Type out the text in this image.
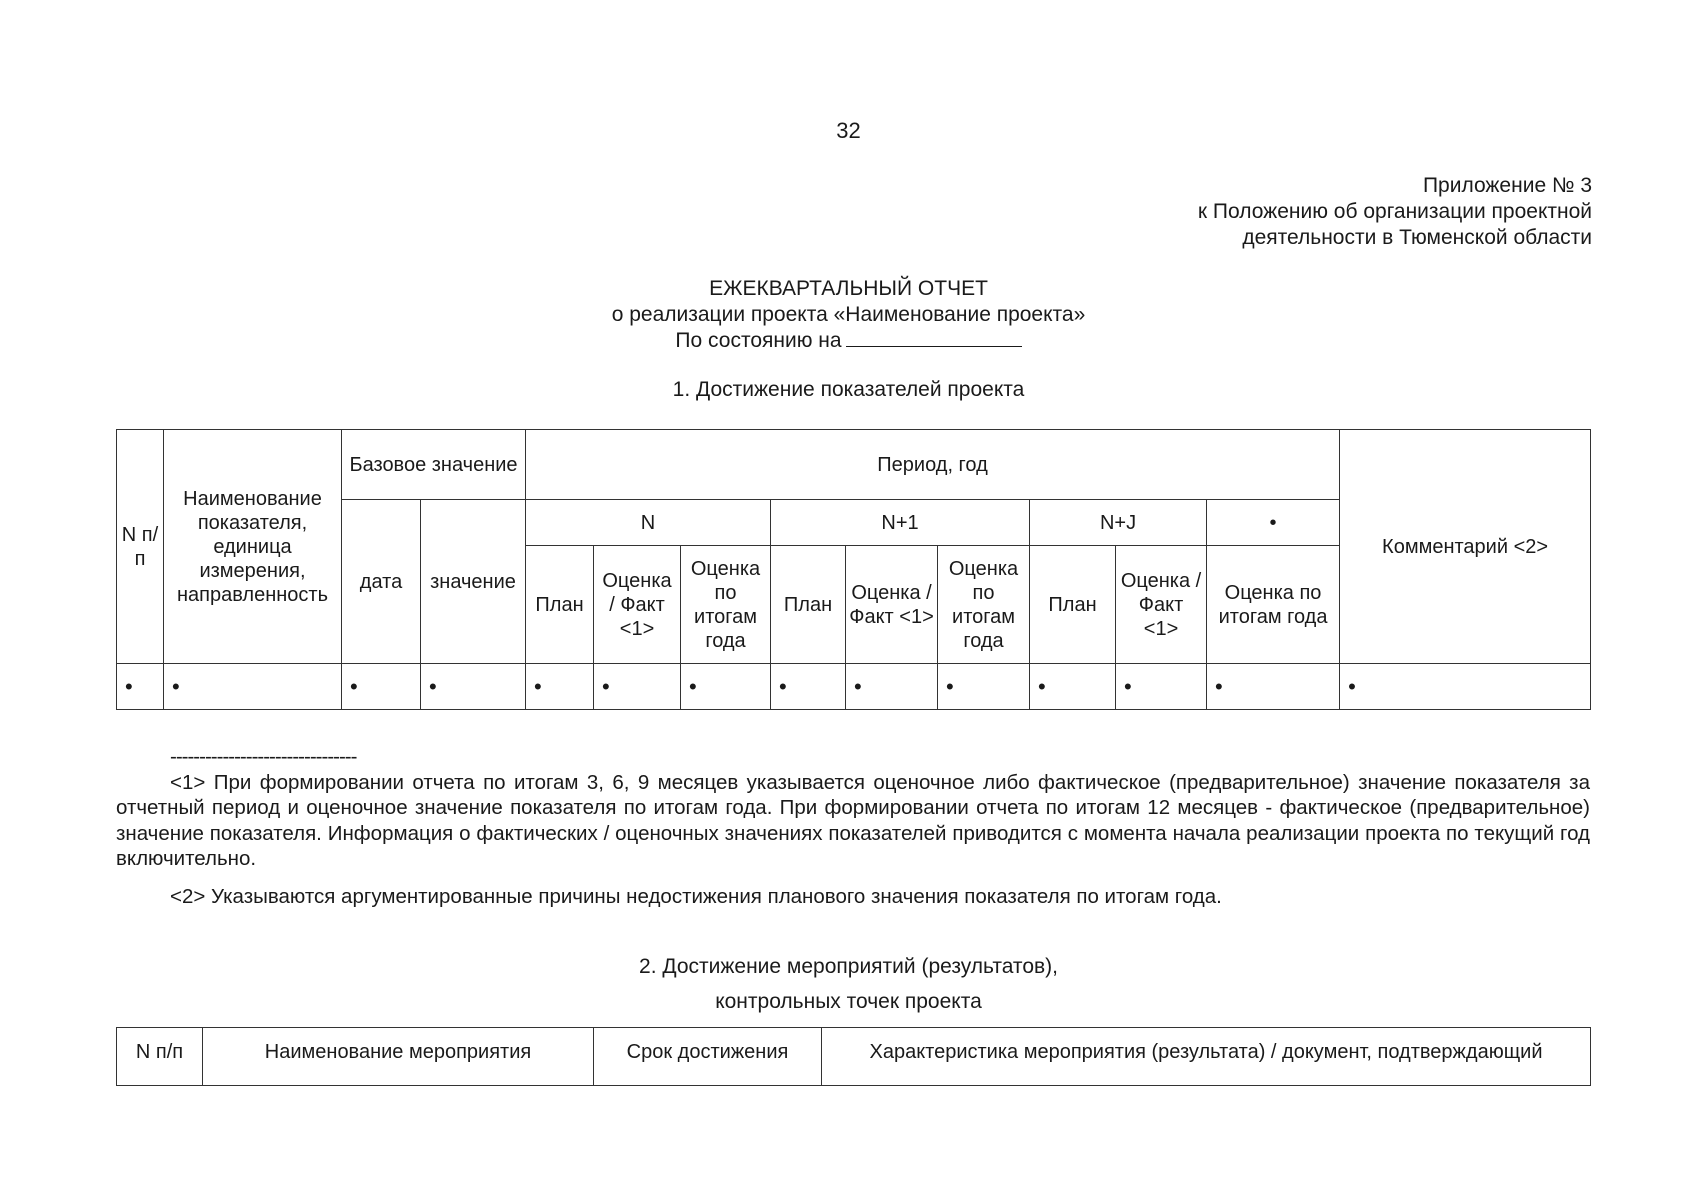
32
Приложение № 3
к Положению об организации проектной
деятельности в Тюменской области
ЕЖЕКВАРТАЛЬНЫЙ ОТЧЕТ
о реализации проекта «Наименование проекта»
По состоянию на
1. Достижение показателей проекта
N п/п	Наименование показателя, единица измерения, направленность	Базовое значение		Период, год									Комментарий <2>
		дата	значение	N			N+1			N+J		•	
				План	Оценка / Факт <1>	Оценка по итогам года	План	Оценка / Факт <1>	Оценка по итогам года	План	Оценка / Факт <1>	Оценка по итогам года	
•	•	•	•	•	•	•	•	•	•	•	•	•	•
--------------------------------

<1> При формировании отчета по итогам 3, 6, 9 месяцев указывается оценочное либо фактическое (предварительное) значение показателя за отчетный период и оценочное значение показателя по итогам года. При формировании отчета по итогам 12 месяцев - фактическое (предварительное) значение показателя. Информация о фактических / оценочных значениях показателей приводится с момента начала реализации проекта по текущий год включительно.

<2> Указываются аргументированные причины недостижения планового значения показателя по итогам года.

2. Достижение мероприятий (результатов),
контрольных точек проекта
N п/п	Наименование мероприятия	Срок достижения	Характеристика мероприятия (результата) / документ, подтверждающий
